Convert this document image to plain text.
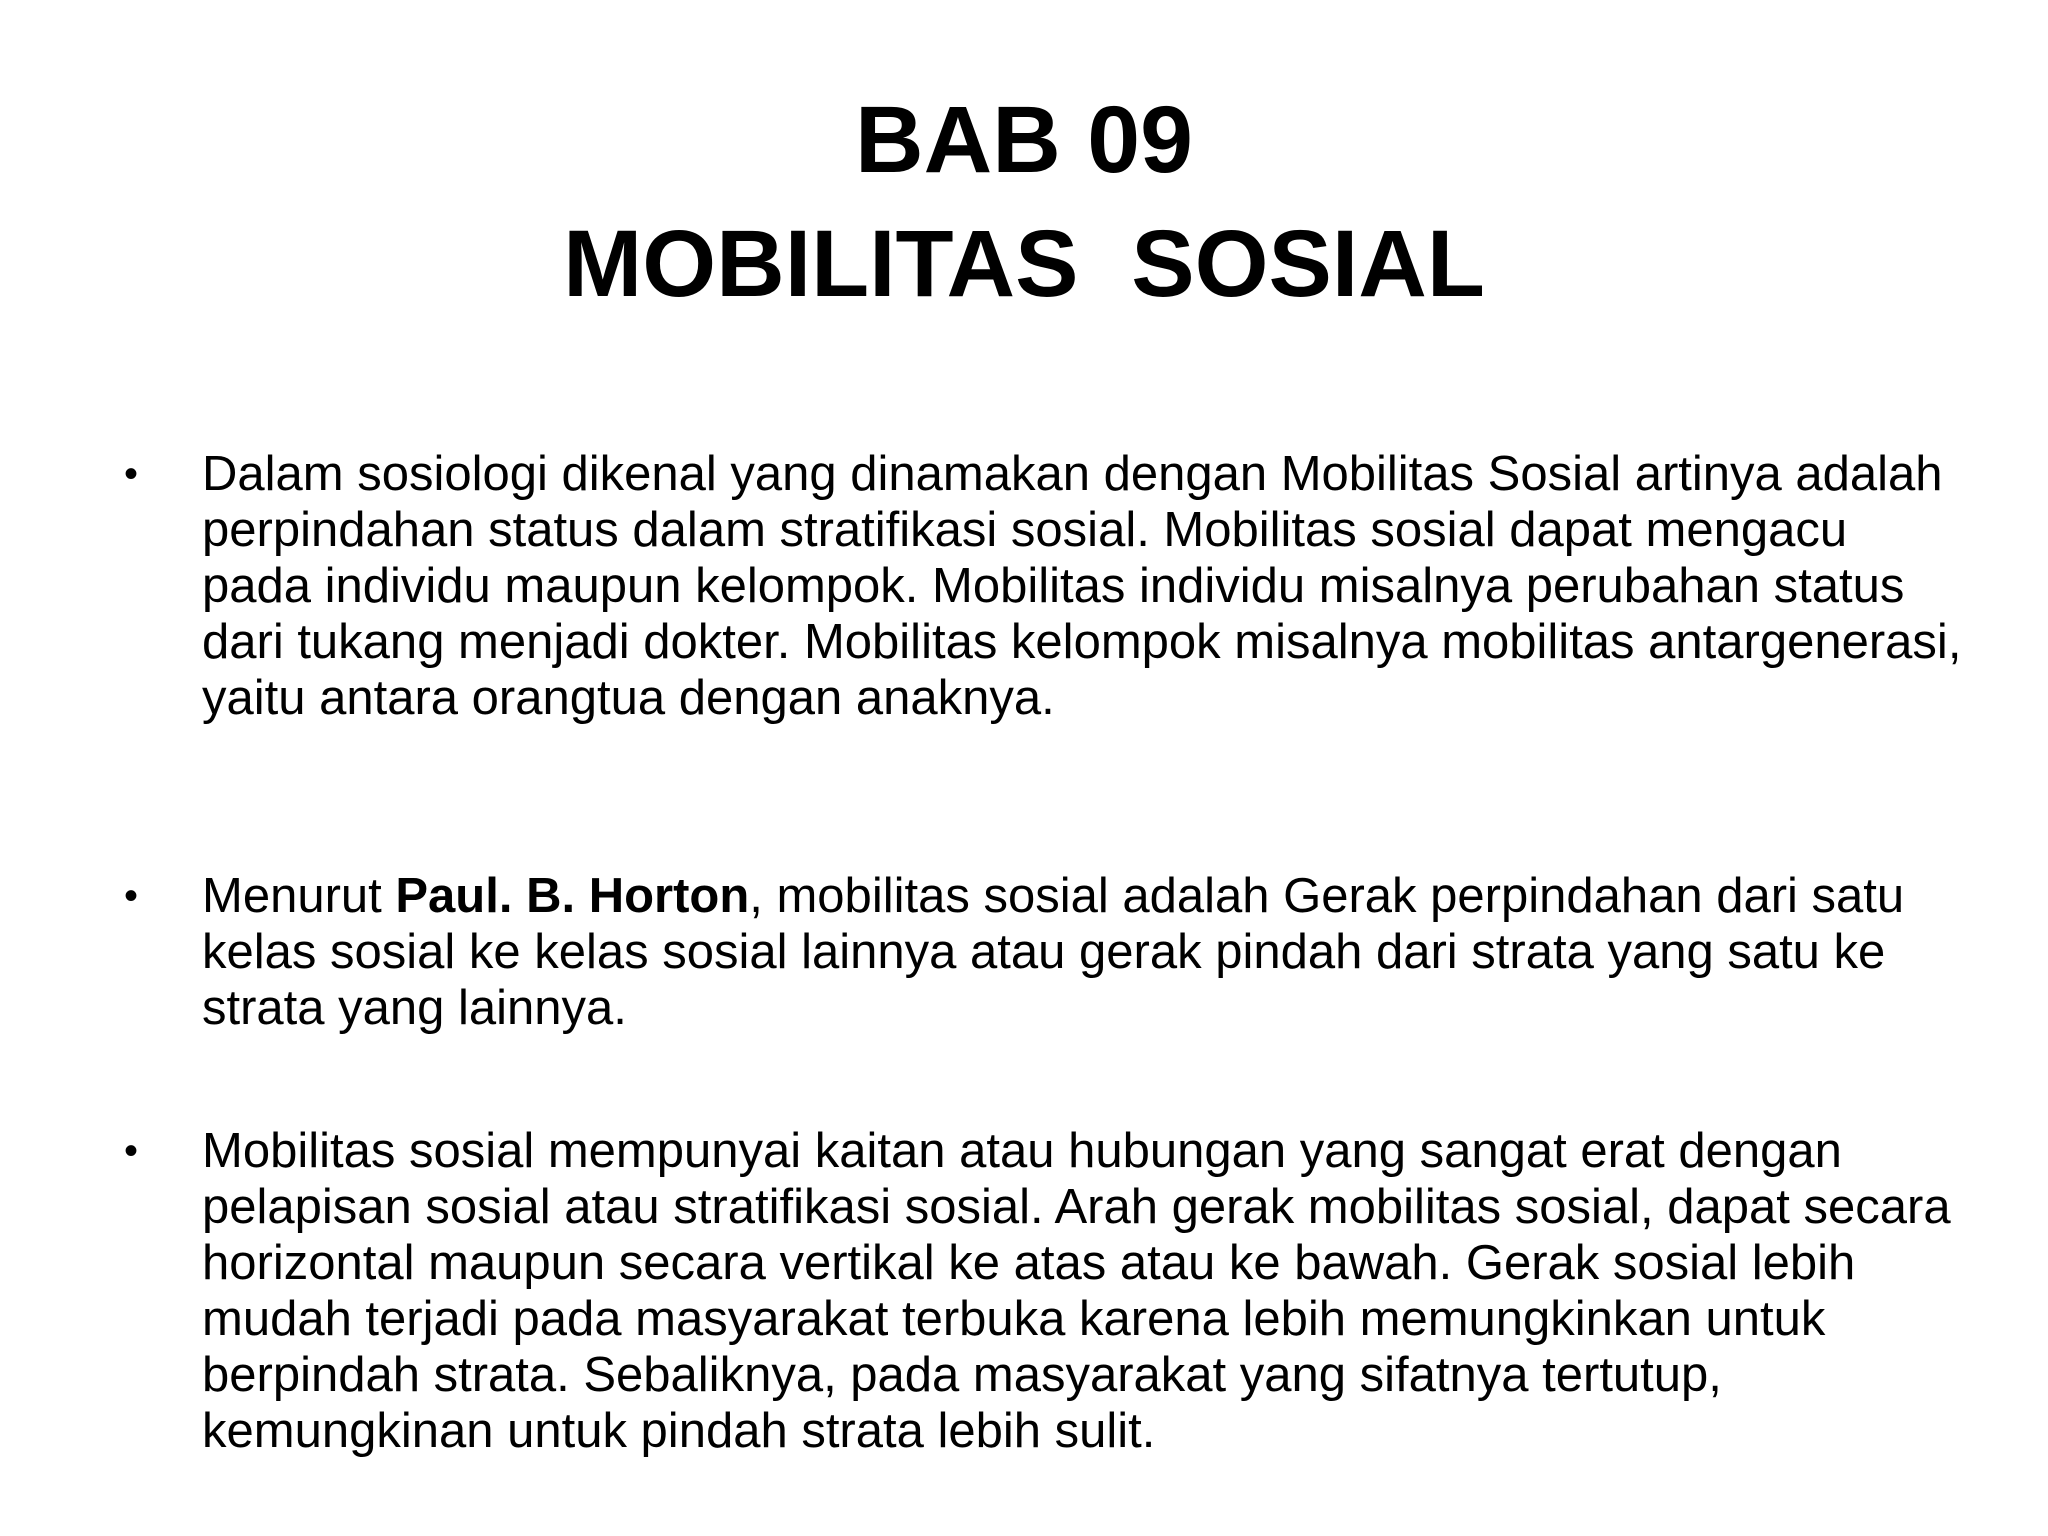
BAB 09
MOBILITAS  SOSIAL
• Dalam sosiologi dikenal yang dinamakan dengan Mobilitas Sosial artinya adalah perpindahan status dalam stratifikasi sosial. Mobilitas sosial dapat mengacu pada individu maupun kelompok. Mobilitas individu misalnya perubahan status dari tukang menjadi dokter. Mobilitas kelompok misalnya mobilitas antargenerasi, yaitu antara orangtua dengan anaknya.
• Menurut Paul. B. Horton, mobilitas sosial adalah Gerak perpindahan dari satu kelas sosial ke kelas sosial lainnya atau gerak pindah dari strata yang satu ke strata yang lainnya.
• Mobilitas sosial mempunyai kaitan atau hubungan yang sangat erat dengan pelapisan sosial atau stratifikasi sosial. Arah gerak mobilitas sosial, dapat secara horizontal maupun secara vertikal ke atas atau ke bawah. Gerak sosial lebih mudah terjadi pada masyarakat terbuka karena lebih memungkinkan untuk berpindah strata. Sebaliknya, pada masyarakat yang sifatnya tertutup, kemungkinan untuk pindah strata lebih sulit.
